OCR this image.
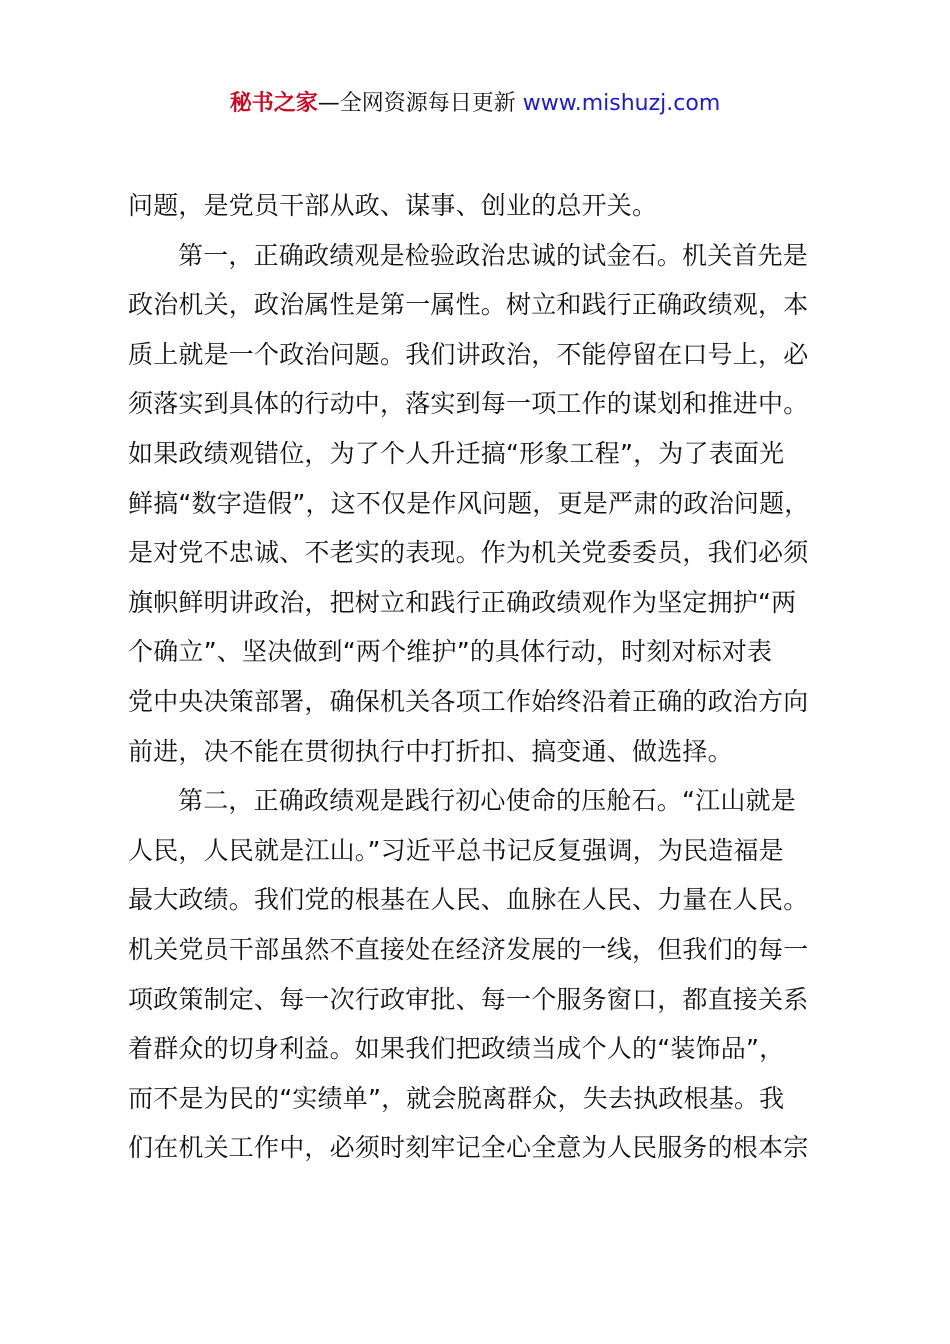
秘书之家—全网资源每日更新 www.mishuzj.com
问题，是党员干部从政、谋事、创业的总开关。
第一，正确政绩观是检验政治忠诚的试金石。机关首先是
政治机关，政治属性是第一属性。树立和践行正确政绩观，本
质上就是一个政治问题。我们讲政治，不能停留在口号上，必
须落实到具体的行动中，落实到每一项工作的谋划和推进中。
如果政绩观错位，为了个人升迁搞“形象工程”，为了表面光
鲜搞“数字造假”，这不仅是作风问题，更是严肃的政治问题，
是对党不忠诚、不老实的表现。作为机关党委委员，我们必须
旗帜鲜明讲政治，把树立和践行正确政绩观作为坚定拥护“两
个确立”、坚决做到“两个维护”的具体行动，时刻对标对表
党中央决策部署，确保机关各项工作始终沿着正确的政治方向
前进，决不能在贯彻执行中打折扣、搞变通、做选择。
第二，正确政绩观是践行初心使命的压舱石。“江山就是
人民，人民就是江山。”习近平总书记反复强调，为民造福是
最大政绩。我们党的根基在人民、血脉在人民、力量在人民。
机关党员干部虽然不直接处在经济发展的一线，但我们的每一
项政策制定、每一次行政审批、每一个服务窗口，都直接关系
着群众的切身利益。如果我们把政绩当成个人的“装饰品”，
而不是为民的“实绩单”，就会脱离群众，失去执政根基。我
们在机关工作中，必须时刻牢记全心全意为人民服务的根本宗
